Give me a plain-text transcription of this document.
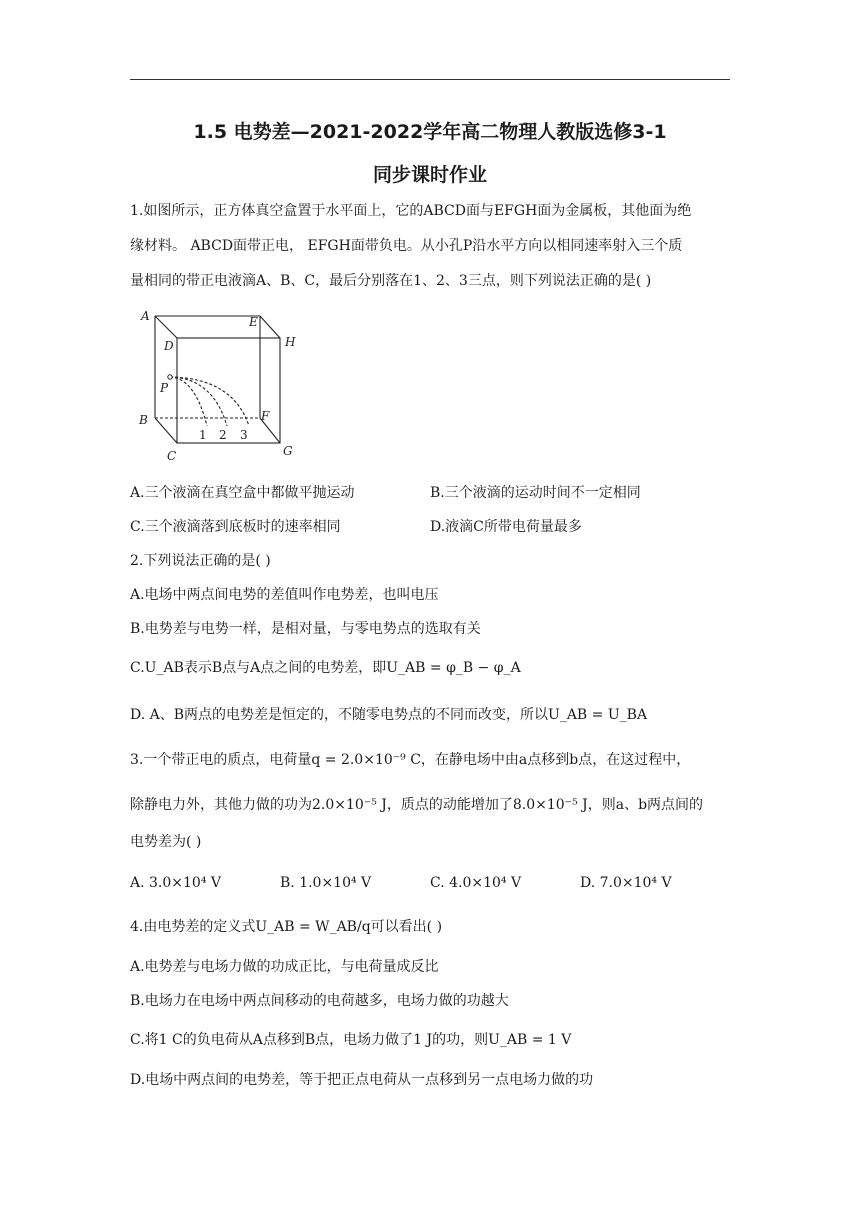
1.5 电势差—2021-2022学年高二物理人教版选修3-1
同步课时作业
1.如图所示，正方体真空盒置于水平面上，它的ABCD面与EFGH面为金属板，其他面为绝
缘材料。 ABCD面带正电， EFGH面带负电。从小孔P沿水平方向以相同速率射入三个质
量相同的带正电液滴A、B、C，最后分别落在1、2、3三点，则下列说法正确的是( )
A
D
E
H
P
B	F
C	G
1 2 3
A.三个液滴在真空盒中都做平抛运动	B.三个液滴的运动时间不一定相同
C.三个液滴落到底板时的速率相同	D.液滴C所带电荷量最多
2.下列说法正确的是( )
A.电场中两点间电势的差值叫作电势差，也叫电压
B.电势差与电势一样，是相对量，与零电势点的选取有关
C.U_AB表示B点与A点之间的电势差，即U_AB = φ_B − φ_A
D. A、B两点的电势差是恒定的，不随零电势点的不同而改变，所以U_AB = U_BA
3.一个带正电的质点，电荷量q = 2.0×10⁻⁹ C，在静电场中由a点移到b点，在这过程中，
除静电力外，其他力做的功为2.0×10⁻⁵ J，质点的动能增加了8.0×10⁻⁵ J，则a、b两点间的
电势差为( )
A. 3.0×10⁴ V	B. 1.0×10⁴ V	C. 4.0×10⁴ V	D. 7.0×10⁴ V
4.由电势差的定义式U_AB = W_AB/q可以看出( )
A.电势差与电场力做的功成正比，与电荷量成反比
B.电场力在电场中两点间移动的电荷越多，电场力做的功越大
C.将1 C的负电荷从A点移到B点，电场力做了1 J的功，则U_AB = 1 V
D.电场中两点间的电势差，等于把正点电荷从一点移到另一点电场力做的功
